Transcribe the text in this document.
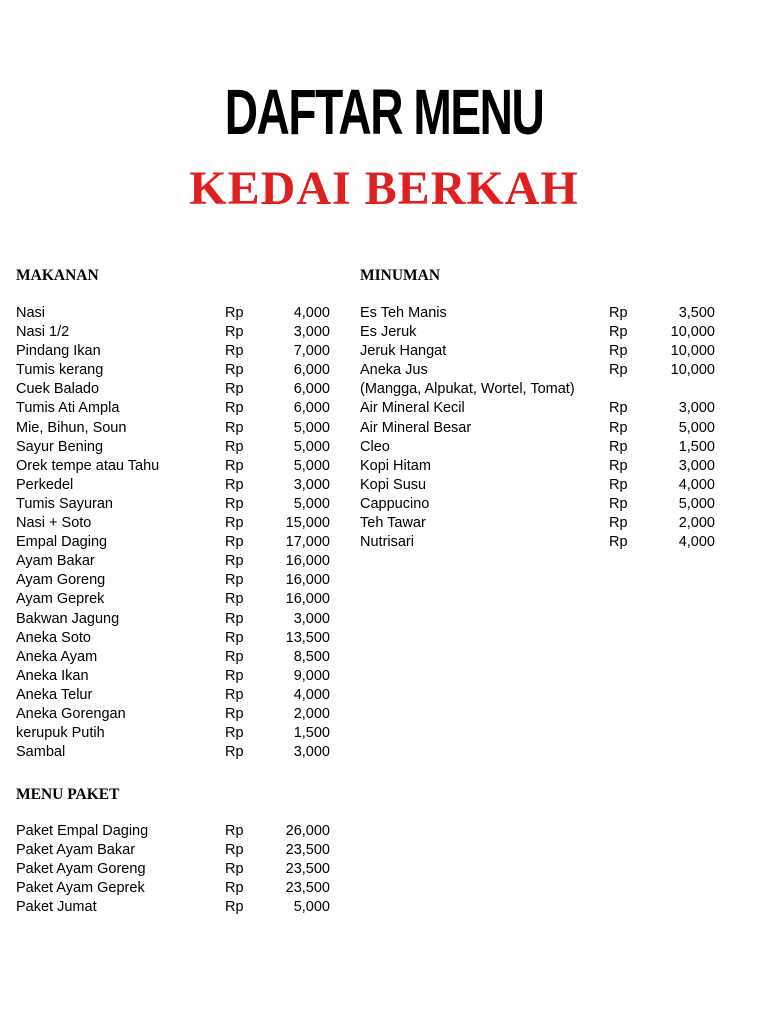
DAFTAR MENU
KEDAI BERKAH
MAKANAN
Nasi	Rp	4,000
Nasi 1/2	Rp	3,000
Pindang Ikan	Rp	7,000
Tumis kerang	Rp	6,000
Cuek Balado	Rp	6,000
Tumis Ati Ampla	Rp	6,000
Mie, Bihun, Soun	Rp	5,000
Sayur Bening	Rp	5,000
Orek tempe atau Tahu	Rp	5,000
Perkedel	Rp	3,000
Tumis Sayuran	Rp	5,000
Nasi + Soto	Rp	15,000
Empal Daging	Rp	17,000
Ayam Bakar	Rp	16,000
Ayam Goreng	Rp	16,000
Ayam Geprek	Rp	16,000
Bakwan Jagung	Rp	3,000
Aneka Soto	Rp	13,500
Aneka Ayam	Rp	8,500
Aneka Ikan	Rp	9,000
Aneka Telur	Rp	4,000
Aneka Gorengan	Rp	2,000
kerupuk Putih	Rp	1,500
Sambal	Rp	3,000
MENU PAKET
Paket Empal Daging	Rp	26,000
Paket Ayam Bakar	Rp	23,500
Paket Ayam Goreng	Rp	23,500
Paket Ayam Geprek	Rp	23,500
Paket Jumat	Rp	5,000
MINUMAN
Es Teh Manis	Rp	3,500
Es Jeruk	Rp	10,000
Jeruk Hangat	Rp	10,000
Aneka Jus	Rp	10,000
(Mangga, Alpukat, Wortel, Tomat)
Air Mineral Kecil	Rp	3,000
Air Mineral Besar	Rp	5,000
Cleo	Rp	1,500
Kopi Hitam	Rp	3,000
Kopi Susu	Rp	4,000
Cappucino	Rp	5,000
Teh Tawar	Rp	2,000
Nutrisari	Rp	4,000
